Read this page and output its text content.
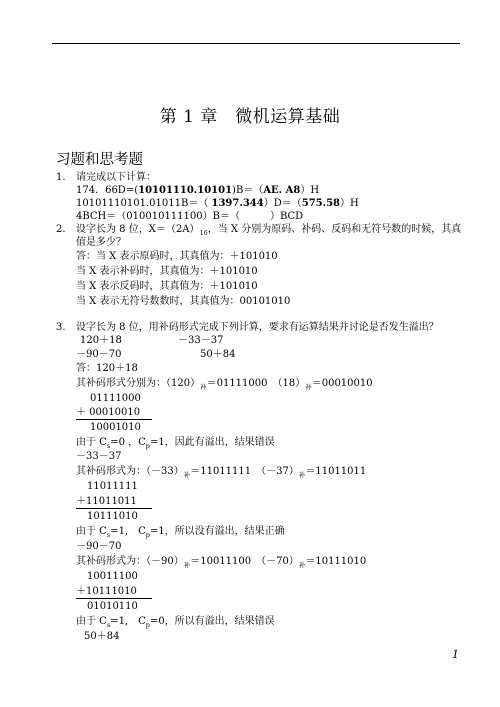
第 1 章　微机运算基础
习题和思考题
1. 请完成以下计算：
174．66D=(10101110.10101)B＝（AE. A8）H
10101110101.01011B＝（ 1397.344）D＝（575.58）H
4BCH＝（010010111100）B＝（　　　）BCD
2. 设字长为 8 位，$X=(2A)_{16}$，当 X 分别为原码、补码、反码和无符号数的时候，其真
值是多少？
答：当 X 表示原码时，其真值为：＋101010
当 X 表示补码时，其真值为：＋101010
当 X 表示反码时，其真值为：＋101010
当 X 表示无符号数数时，其真值为：00101010
3. 设字长为 8 位，用补码形式完成下列计算，要求有运算结果并讨论是否发生溢出？
120＋18	－33－37
－90－70	50＋84
答：120＋18
其补码形式分别为：$(120)_补=01111000$　$(18)_补=00010010$
01111000
＋ 00010010
10001010
由于 $C_s=0$ ，$C_p=1$，因此有溢出，结果错误
－33－37
其补码形式为：$(-33)_补=11011111$　$(-37)_补=11011011$
11011111
＋11011011
10111010
由于 $C_s=1$,　$C_p=1$，所以没有溢出，结果正确
－90－70
其补码形式为：$(-90)_补=10011100$　$(-70)_补=10111010$
10011100
＋10111010
01010110
由于 $C_s=1$,　$C_p=0$，所以有溢出，结果错误
50＋84
1
